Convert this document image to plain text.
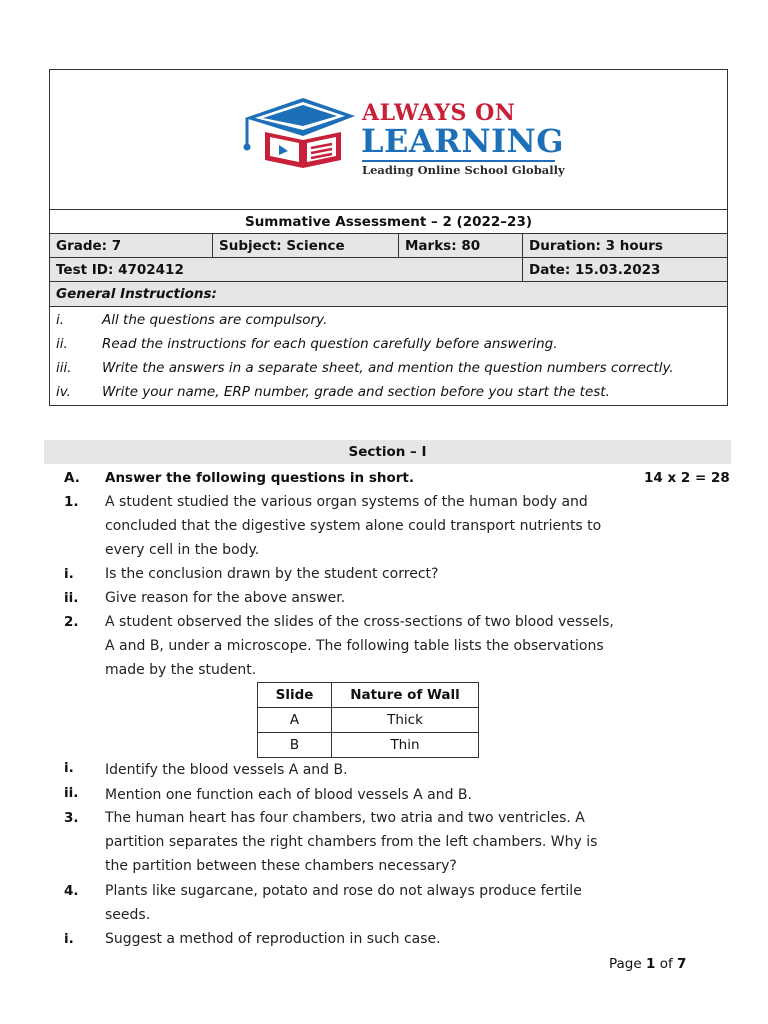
ALWAYS ON
LEARNING
Leading Online School Globally
Summative Assessment – 2 (2022–23)
Grade: 7	Subject: Science	Marks: 80	Duration: 3 hours
Test ID: 4702412	Date: 15.03.2023
General Instructions:
i.	All the questions are compulsory.
ii.	Read the instructions for each question carefully before answering.
iii. Write the answers in a separate sheet, and mention the question numbers correctly.
iv. Write your name, ERP number, grade and section before you start the test.
Section – I
A. Answer the following questions in short.	14 x 2 = 28
1. A student studied the various organ systems of the human body and
concluded that the digestive system alone could transport nutrients to
every cell in the body.
i. Is the conclusion drawn by the student correct?
ii. Give reason for the above answer.
2. A student observed the slides of the cross-sections of two blood vessels,
A and B, under a microscope. The following table lists the observations
made by the student.
Slide	Nature of Wall
A	Thick
B	Thin
i. Identify the blood vessels A and B.
ii. Mention one function each of blood vessels A and B.
3. The human heart has four chambers, two atria and two ventricles. A
partition separates the right chambers from the left chambers. Why is
the partition between these chambers necessary?
4. Plants like sugarcane, potato and rose do not always produce fertile
seeds.
i. Suggest a method of reproduction in such case.
Page 1 of 7
